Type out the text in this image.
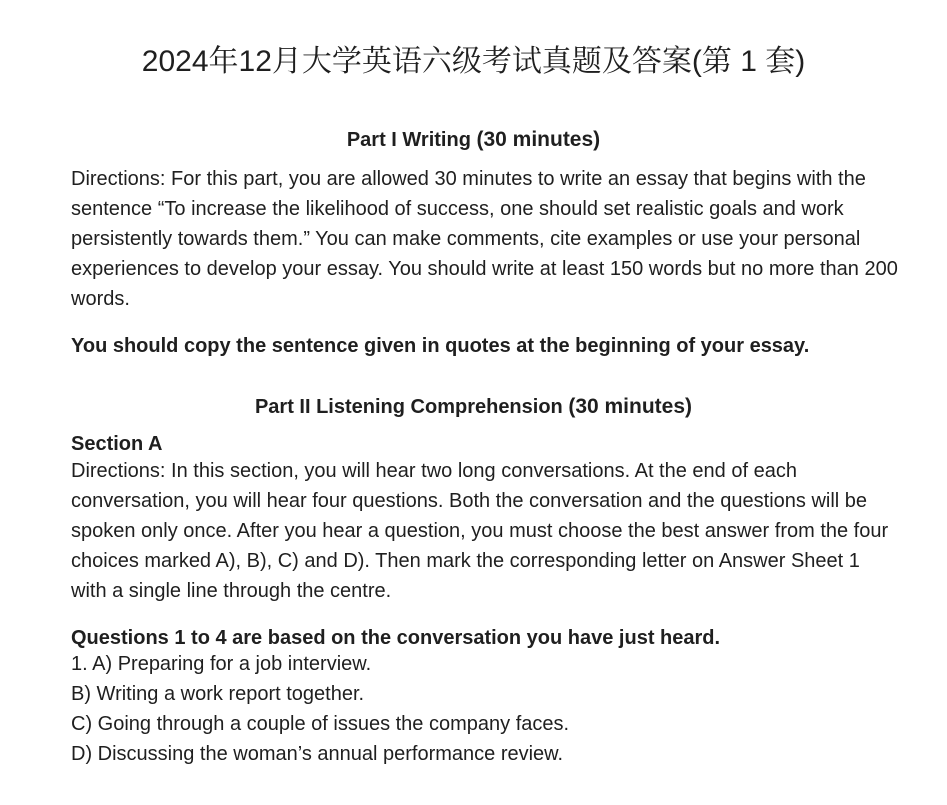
2024年12月大学英语六级考试真题及答案(第 1 套)
Part I Writing (30 minutes)

Directions: For this part, you are allowed 30 minutes to write an essay that begins with the sentence “To increase the likelihood of success, one should set realistic goals and work persistently towards them.” You can make comments, cite examples or use your personal experiences to develop your essay. You should write at least 150 words but no more than 200 words.

You should copy the sentence given in quotes at the beginning of your essay.

Part II Listening Comprehension (30 minutes)
Section A

Directions: In this section, you will hear two long conversations. At the end of each conversation, you will hear four questions. Both the conversation and the questions will be spoken only once. After you hear a question, you must choose the best answer from the four choices marked A), B), C) and D). Then mark the corresponding letter on Answer Sheet 1 with a single line through the centre.

Questions 1 to 4 are based on the conversation you have just heard.

1. A) Preparing for a job interview.
B) Writing a work report together.
C) Going through a couple of issues the company faces.
D) Discussing the woman’s annual performance review.
